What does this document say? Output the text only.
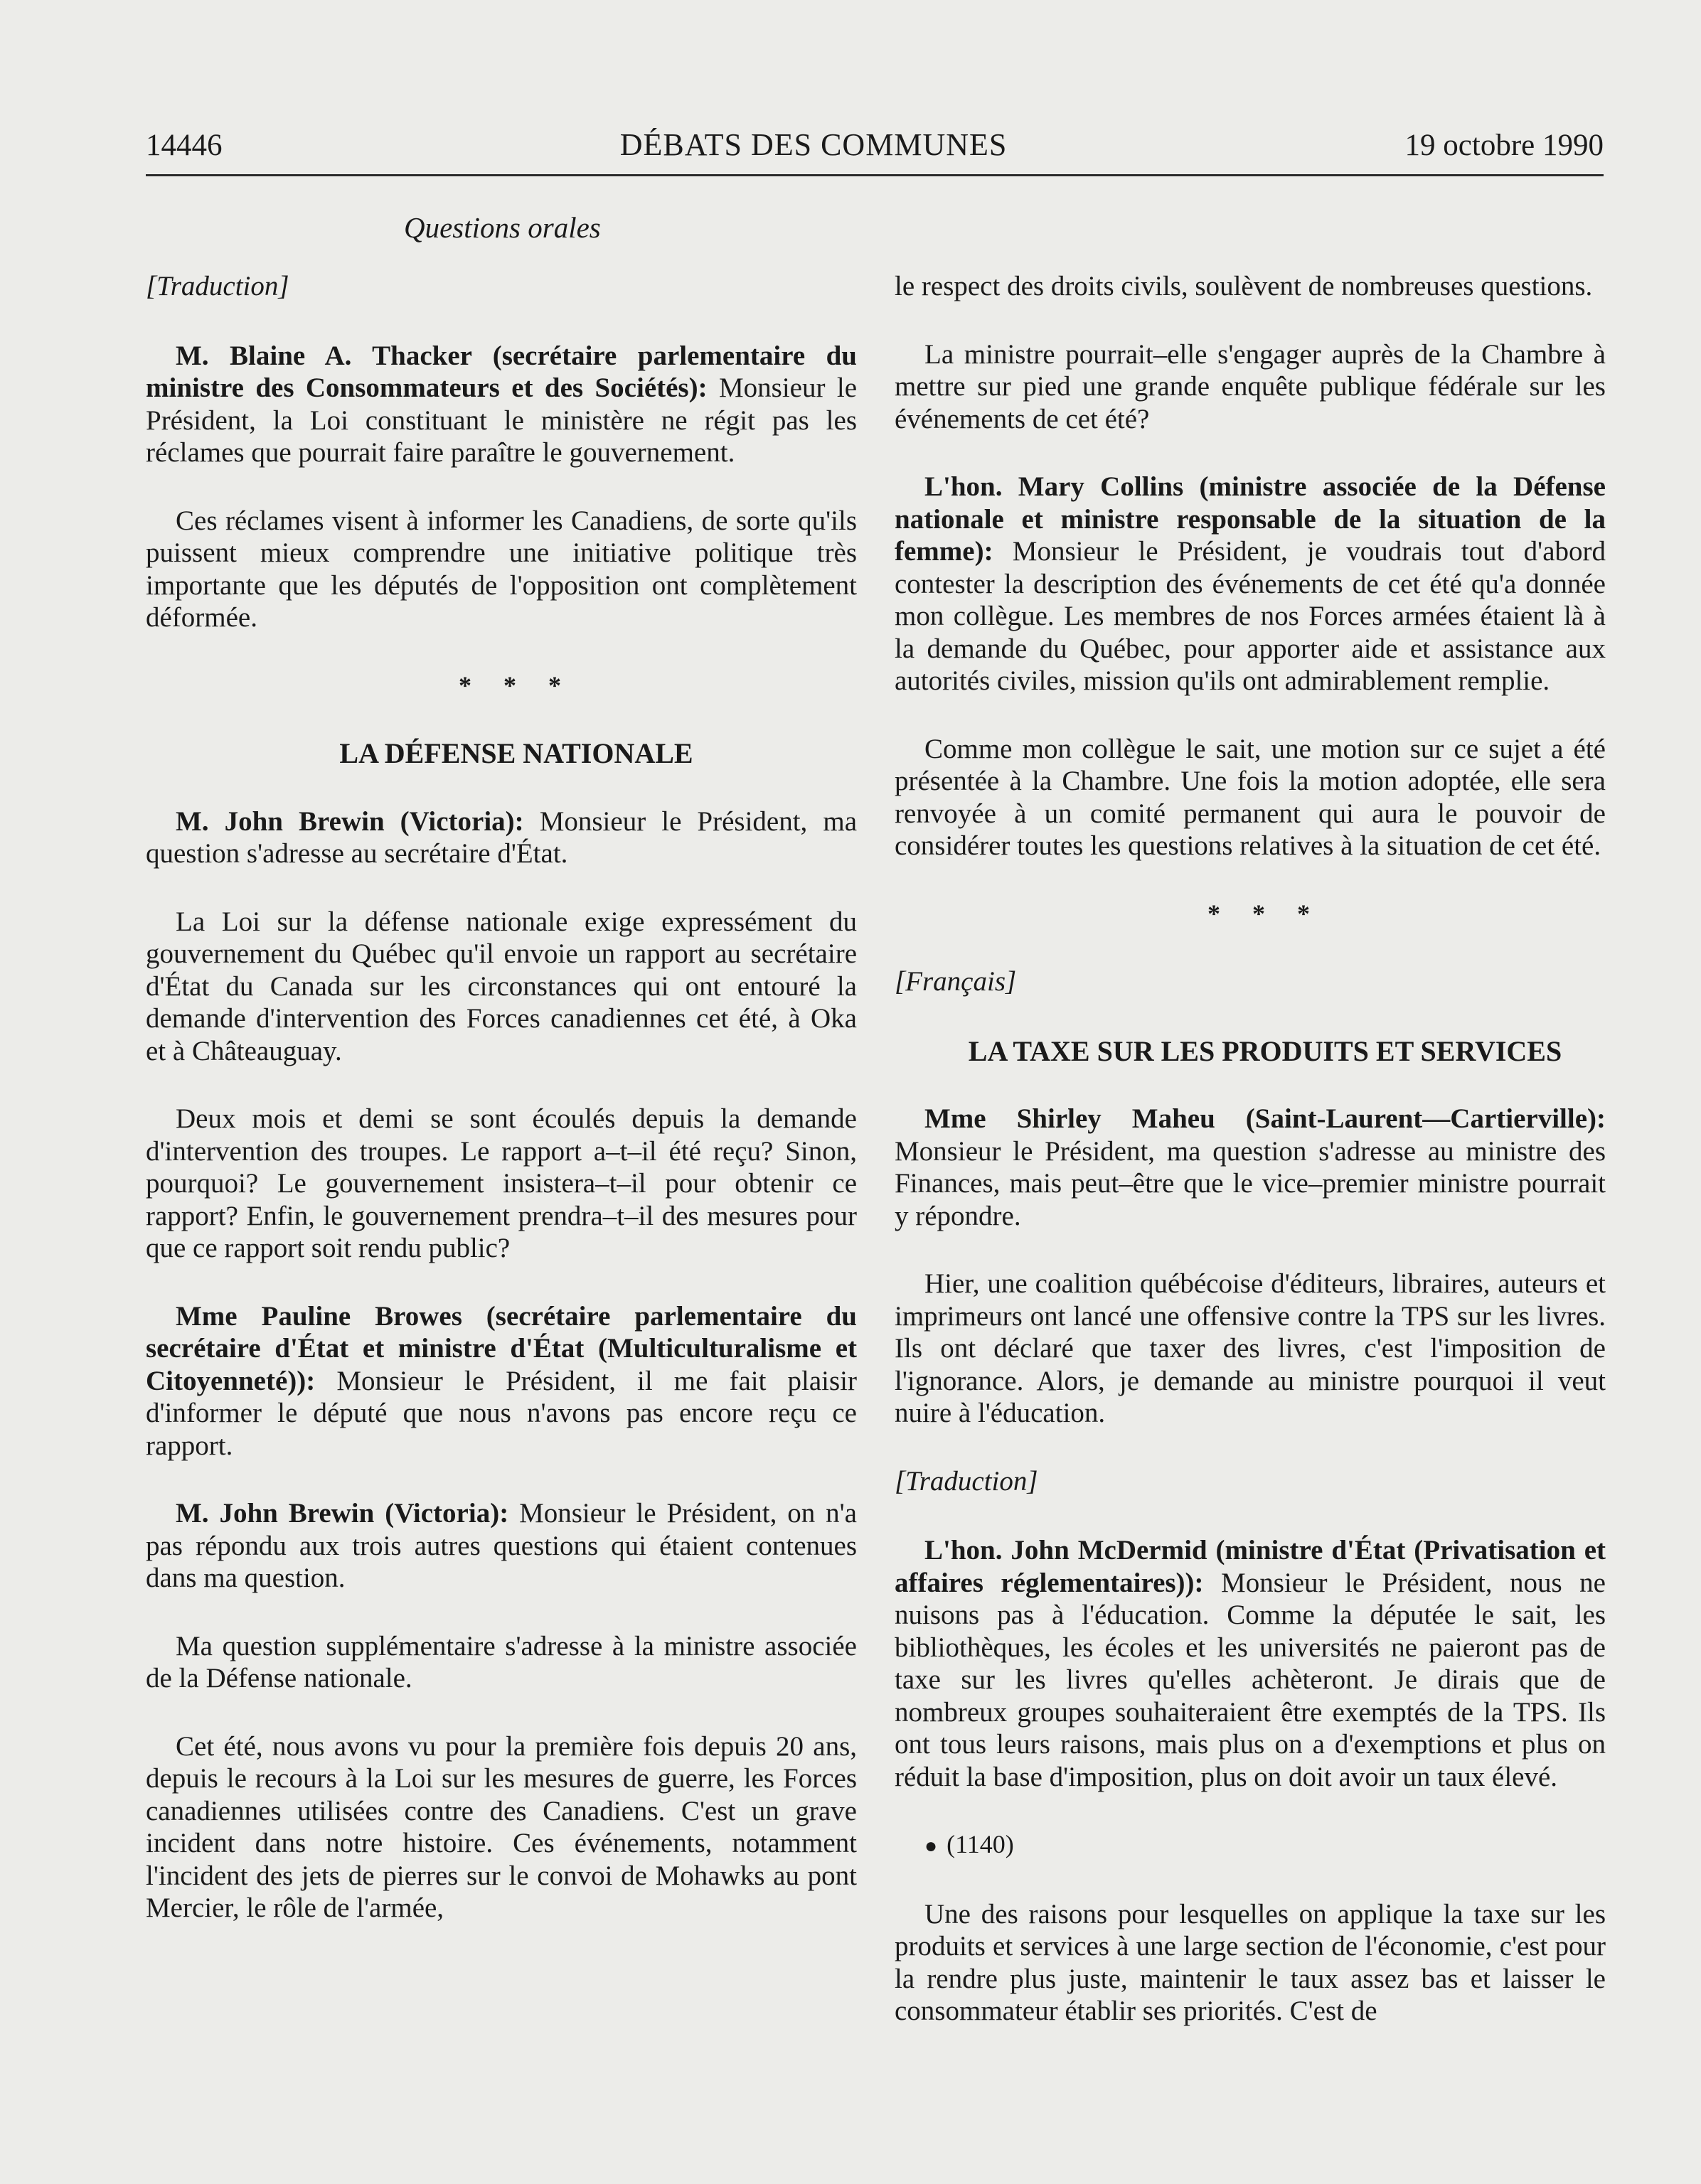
14446	DÉBATS DES COMMUNES	19 octobre 1990
Questions orales

[Traduction]

M. Blaine A. Thacker (secrétaire parlementaire du ministre des Consommateurs et des Sociétés): Monsieur le Président, la Loi constituant le ministère ne régit pas les réclames que pourrait faire paraître le gouvernement.

Ces réclames visent à informer les Canadiens, de sorte qu'ils puissent mieux comprendre une initiative politique très importante que les députés de l'opposition ont complètement déformée.

* * *

LA DÉFENSE NATIONALE

M. John Brewin (Victoria): Monsieur le Président, ma question s'adresse au secrétaire d'État.

La Loi sur la défense nationale exige expressément du gouvernement du Québec qu'il envoie un rapport au secrétaire d'État du Canada sur les circonstances qui ont entouré la demande d'intervention des Forces canadiennes cet été, à Oka et à Châteauguay.

Deux mois et demi se sont écoulés depuis la demande d'intervention des troupes. Le rapport a–t–il été reçu? Sinon, pourquoi? Le gouvernement insistera–t–il pour obtenir ce rapport? Enfin, le gouvernement prendra–t–il des mesures pour que ce rapport soit rendu public?

Mme Pauline Browes (secrétaire parlementaire du secrétaire d'État et ministre d'État (Multiculturalisme et Citoyenneté)): Monsieur le Président, il me fait plaisir d'informer le député que nous n'avons pas encore reçu ce rapport.

M. John Brewin (Victoria): Monsieur le Président, on n'a pas répondu aux trois autres questions qui étaient contenues dans ma question.

Ma question supplémentaire s'adresse à la ministre associée de la Défense nationale.

Cet été, nous avons vu pour la première fois depuis 20 ans, depuis le recours à la Loi sur les mesures de guerre, les Forces canadiennes utilisées contre des Canadiens. C'est un grave incident dans notre histoire. Ces événements, notamment l'incident des jets de pierres sur le convoi de Mohawks au pont Mercier, le rôle de l'armée,

le respect des droits civils, soulèvent de nombreuses questions.

La ministre pourrait–elle s'engager auprès de la Chambre à mettre sur pied une grande enquête publique fédérale sur les événements de cet été?

L'hon. Mary Collins (ministre associée de la Défense nationale et ministre responsable de la situation de la femme): Monsieur le Président, je voudrais tout d'abord contester la description des événements de cet été qu'a donnée mon collègue. Les membres de nos Forces armées étaient là à la demande du Québec, pour apporter aide et assistance aux autorités civiles, mission qu'ils ont admirablement remplie.

Comme mon collègue le sait, une motion sur ce sujet a été présentée à la Chambre. Une fois la motion adoptée, elle sera renvoyée à un comité permanent qui aura le pouvoir de considérer toutes les questions relatives à la situation de cet été.

* * *

[Français]

LA TAXE SUR LES PRODUITS ET SERVICES

Mme Shirley Maheu (Saint-Laurent—Cartierville): Monsieur le Président, ma question s'adresse au ministre des Finances, mais peut–être que le vice–premier ministre pourrait y répondre.

Hier, une coalition québécoise d'éditeurs, libraires, auteurs et imprimeurs ont lancé une offensive contre la TPS sur les livres. Ils ont déclaré que taxer des livres, c'est l'imposition de l'ignorance. Alors, je demande au ministre pourquoi il veut nuire à l'éducation.

[Traduction]

L'hon. John McDermid (ministre d'État (Privatisation et affaires réglementaires)): Monsieur le Président, nous ne nuisons pas à l'éducation. Comme la députée le sait, les bibliothèques, les écoles et les universités ne paieront pas de taxe sur les livres qu'elles achèteront. Je dirais que de nombreux groupes souhaiteraient être exemptés de la TPS. Ils ont tous leurs raisons, mais plus on a d'exemptions et plus on réduit la base d'imposition, plus on doit avoir un taux élevé.

● (1140)

Une des raisons pour lesquelles on applique la taxe sur les produits et services à une large section de l'économie, c'est pour la rendre plus juste, maintenir le taux assez bas et laisser le consommateur établir ses priorités. C'est de
